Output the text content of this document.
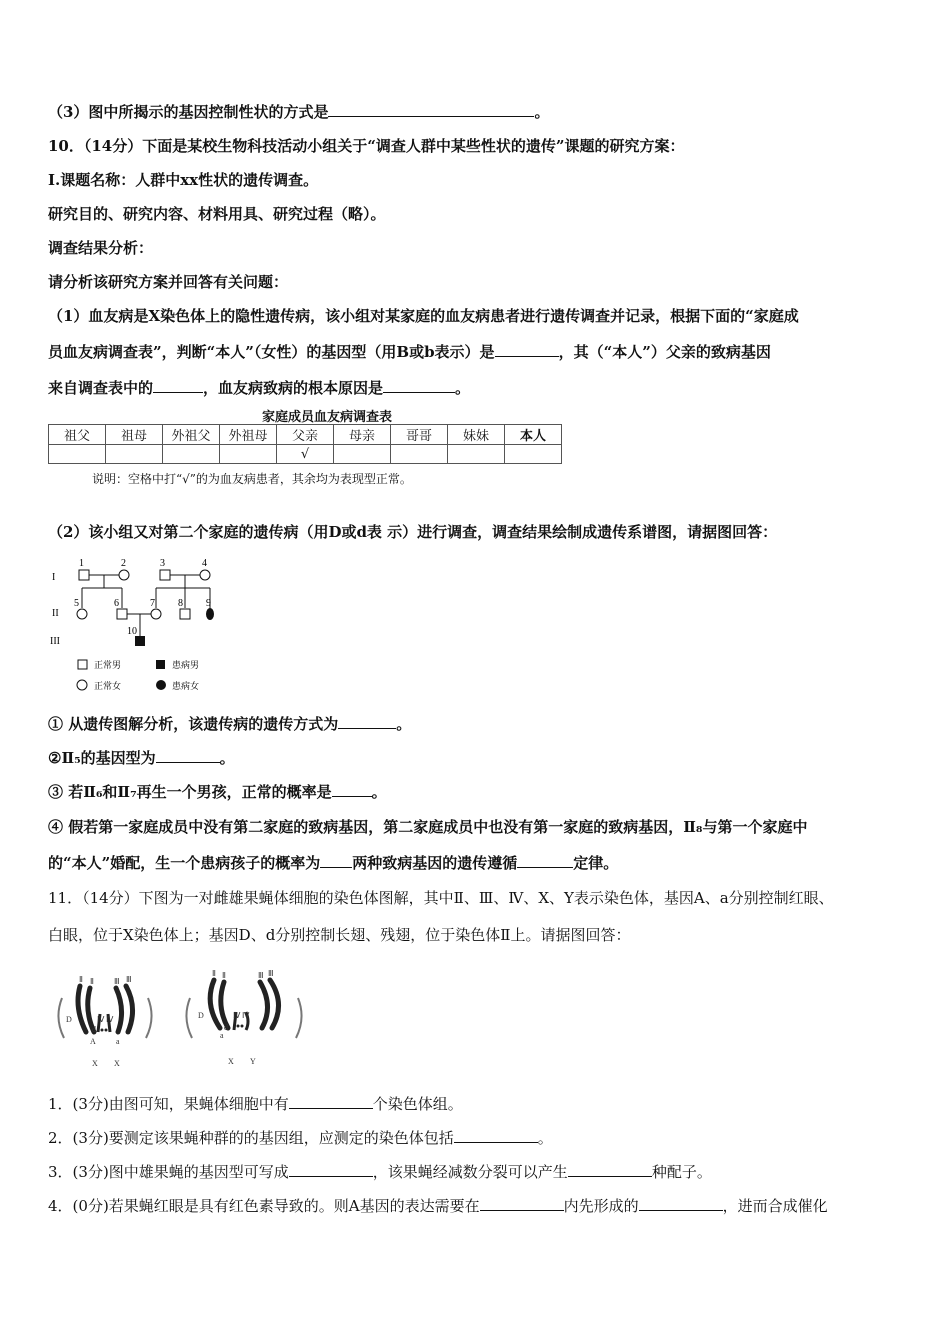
（3）图中所揭示的基因控制性状的方式是	。
10．（14分）下面是某校生物科技活动小组关于“调查人群中某些性状的遗传”课题的研究方案：
I.课题名称：人群中xx性状的遗传调查。
研究目的、研究内容、材料用具、研究过程（略）。
调查结果分析：
请分析该研究方案并回答有关问题：
（1）血友病是X染色体上的隐性遗传病，该小组对某家庭的血友病患者进行遗传调查并记录，根据下面的“家庭成
员血友病调查表”，判断“本人”（女性）的基因型（用B或b表示）是	，其（“本人”）父亲的致病基因
来自调查表中的	，血友病致病的根本原因是	。
家庭成员血友病调查表
祖父	祖母	外祖父	外祖母	父亲	母亲	哥哥	妹妹	本人
				√				
说明：空格中打“√”的为血友病患者，其余均为表现型正常。
（2）该小组又对第二个家庭的遗传病（用D或d表 示）进行调查，调查结果绘制成遗传系谱图，请据图回答：
I
II
III
1	2	3	4
5	6	7 8 9
10
正常男	患病男
正常女	患病女
① 从遗传图解分析，该遗传病的遗传方式为	。
②Ⅱ₅的基因型为	。
③ 若Ⅱ₆和Ⅱ₇再生一个男孩，正常的概率是	。
④ 假若第一家庭成员中没有第二家庭的致病基因，第二家庭成员中也没有第一家庭的致病基因，Ⅱ₈与第一个家庭中
的“本人”婚配，生一个患病孩子的概率为 两种致病基因的遗传遵循	定律。
11．（14分）下图为一对雌雄果蝇体细胞的染色体图解，其中Ⅱ、Ⅲ、Ⅳ、X、Y表示染色体，基因A、a分别控制红眼、
白眼，位于X染色体上；基因D、d分别控制长翅、残翅，位于染色体Ⅱ上。请据图回答：
Ⅱ Ⅱ	Ⅲ Ⅲ
Ⅳ Ⅳ
D
d
A	a
X X
Ⅱ Ⅱ	Ⅲ Ⅲ
Ⅳ Ⅳ
D
d
a
X Y
1．(3分)由图可知，果蝇体细胞中有	个染色体组。
2．(3分)要测定该果蝇种群的的基因组，应测定的染色体包括	。
3．(3分)图中雄果蝇的基因型可写成	，该果蝇经减数分裂可以产生	种配子。
4．(0分)若果蝇红眼是具有红色素导致的。则A基因的表达需要在	内先形成的	，进而合成催化
